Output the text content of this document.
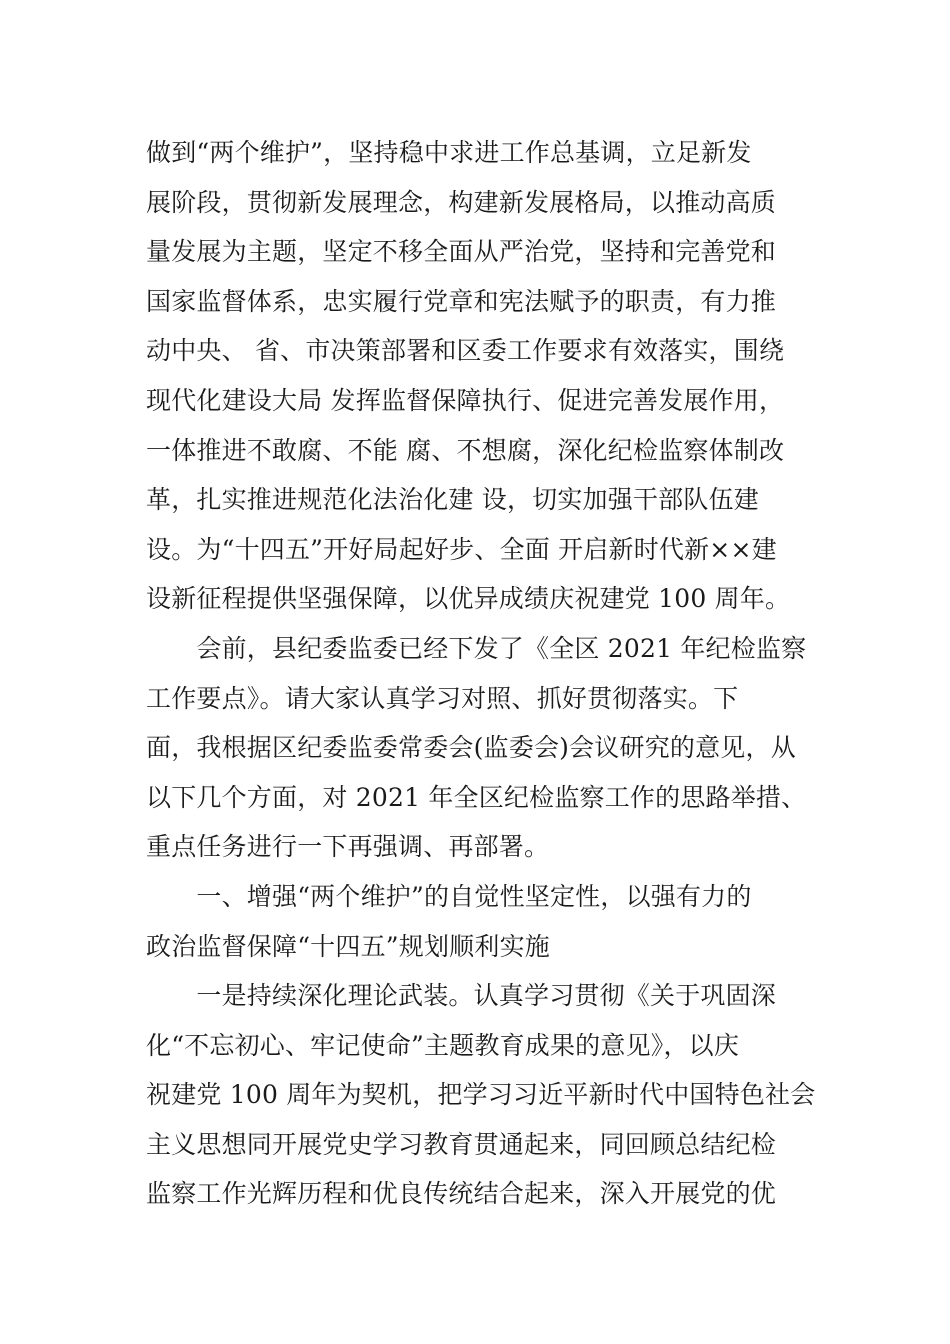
做到“两个维护”，坚持稳中求进工作总基调，立足新发
展阶段，贯彻新发展理念，构建新发展格局，以推动高质
量发展为主题，坚定不移全面从严治党，坚持和完善党和
国家监督体系，忠实履行党章和宪法赋予的职责，有力推
动中央、 省、市决策部署和区委工作要求有效落实，围绕
现代化建设大局 发挥监督保障执行、促进完善发展作用，
一体推进不敢腐、不能 腐、不想腐，深化纪检监察体制改
革，扎实推进规范化法治化建 设，切实加强干部队伍建
设。为“十四五”开好局起好步、全面 开启新时代新××建
设新征程提供坚强保障，以优异成绩庆祝建党 100 周年。
　　会前，县纪委监委已经下发了《全区 2021 年纪检监察
工作要点》。请大家认真学习对照、抓好贯彻落实。下
面，我根据区纪委监委常委会(监委会)会议研究的意见，从
以下几个方面，对 2021 年全区纪检监察工作的思路举措、
重点任务进行一下再强调、再部署。
　　一、增强“两个维护”的自觉性坚定性，以强有力的
政治监督保障“十四五”规划顺利实施
　　一是持续深化理论武装。认真学习贯彻《关于巩固深
化“不忘初心、牢记使命”主题教育成果的意见》，以庆
祝建党 100 周年为契机，把学习习近平新时代中国特色社会
主义思想同开展党史学习教育贯通起来，同回顾总结纪检
监察工作光辉历程和优良传统结合起来，深入开展党的优
